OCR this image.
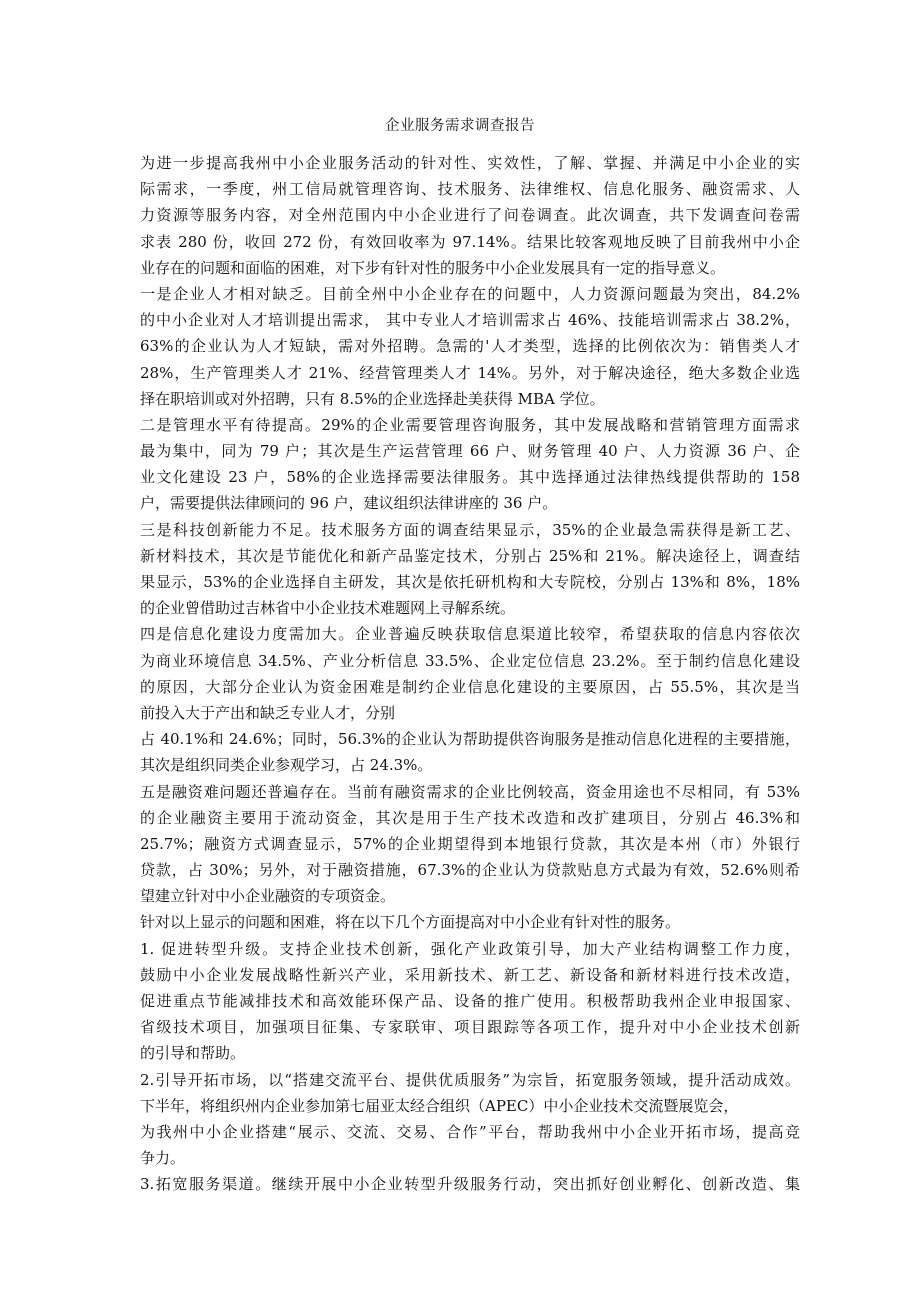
企业服务需求调查报告
为进一步提高我州中小企业服务活动的针对性、实效性，了解、掌握、并满足中小企业的实
际需求，一季度，州工信局就管理咨询、技术服务、法律维权、信息化服务、融资需求、人
力资源等服务内容，对全州范围内中小企业进行了问卷调查。此次调查，共下发调查问卷需
求表 280 份，收回 272 份，有效回收率为 97.14%。结果比较客观地反映了目前我州中小企
业存在的问题和面临的困难，对下步有针对性的服务中小企业发展具有一定的指导意义。
一是企业人才相对缺乏。目前全州中小企业存在的问题中，人力资源问题最为突出，84.2%
的中小企业对人才培训提出需求， 其中专业人才培训需求占 46%、技能培训需求占 38.2%，
63%的企业认为人才短缺，需对外招聘。急需的'人才类型，选择的比例依次为：销售类人才
28%，生产管理类人才 21%、经营管理类人才 14%。另外，对于解决途径，绝大多数企业选
择在职培训或对外招聘，只有 8.5%的企业选择赴美获得 MBA 学位。
二是管理水平有待提高。29%的企业需要管理咨询服务，其中发展战略和营销管理方面需求
最为集中，同为 79 户；其次是生产运营管理 66 户、财务管理 40 户、人力资源 36 户、企
业文化建设 23 户，58%的企业选择需要法律服务。其中选择通过法律热线提供帮助的 158
户，需要提供法律顾问的 96 户，建议组织法律讲座的 36 户。
三是科技创新能力不足。技术服务方面的调查结果显示，35%的企业最急需获得是新工艺、
新材料技术，其次是节能优化和新产品鉴定技术，分别占 25%和 21%。解决途径上，调查结
果显示，53%的企业选择自主研发，其次是依托研机构和大专院校，分别占 13%和 8%，18%
的企业曾借助过吉林省中小企业技术难题网上寻解系统。
四是信息化建设力度需加大。企业普遍反映获取信息渠道比较窄，希望获取的信息内容依次
为商业环境信息 34.5%、产业分析信息 33.5%、企业定位信息 23.2%。至于制约信息化建设
的原因，大部分企业认为资金困难是制约企业信息化建设的主要原因，占 55.5%，其次是当
前投入大于产出和缺乏专业人才，分别
占 40.1%和 24.6%；同时，56.3%的企业认为帮助提供咨询服务是推动信息化进程的主要措施，
其次是组织同类企业参观学习，占 24.3%。
五是融资难问题还普遍存在。当前有融资需求的企业比例较高，资金用途也不尽相同，有 53%
的企业融资主要用于流动资金，其次是用于生产技术改造和改扩建项目，分别占 46.3%和
25.7%；融资方式调查显示，57%的企业期望得到本地银行贷款，其次是本州（市）外银行
贷款，占 30%；另外，对于融资措施，67.3%的企业认为贷款贴息方式最为有效，52.6%则希
望建立针对中小企业融资的专项资金。
针对以上显示的问题和困难，将在以下几个方面提高对中小企业有针对性的服务。
1. 促进转型升级。支持企业技术创新，强化产业政策引导，加大产业结构调整工作力度，
鼓励中小企业发展战略性新兴产业，采用新技术、新工艺、新设备和新材料进行技术改造，
促进重点节能减排技术和高效能环保产品、设备的推广使用。积极帮助我州企业申报国家、
省级技术项目，加强项目征集、专家联审、项目跟踪等各项工作，提升对中小企业技术创新
的引导和帮助。
2.引导开拓市场，以“搭建交流平台、提供优质服务”为宗旨，拓宽服务领域，提升活动成效。
下半年，将组织州内企业参加第七届亚太经合组织（APEC）中小企业技术交流暨展览会，
为我州中小企业搭建“展示、交流、交易、合作”平台，帮助我州中小企业开拓市场，提高竞
争力。
3.拓宽服务渠道。继续开展中小企业转型升级服务行动，突出抓好创业孵化、创新改造、集
